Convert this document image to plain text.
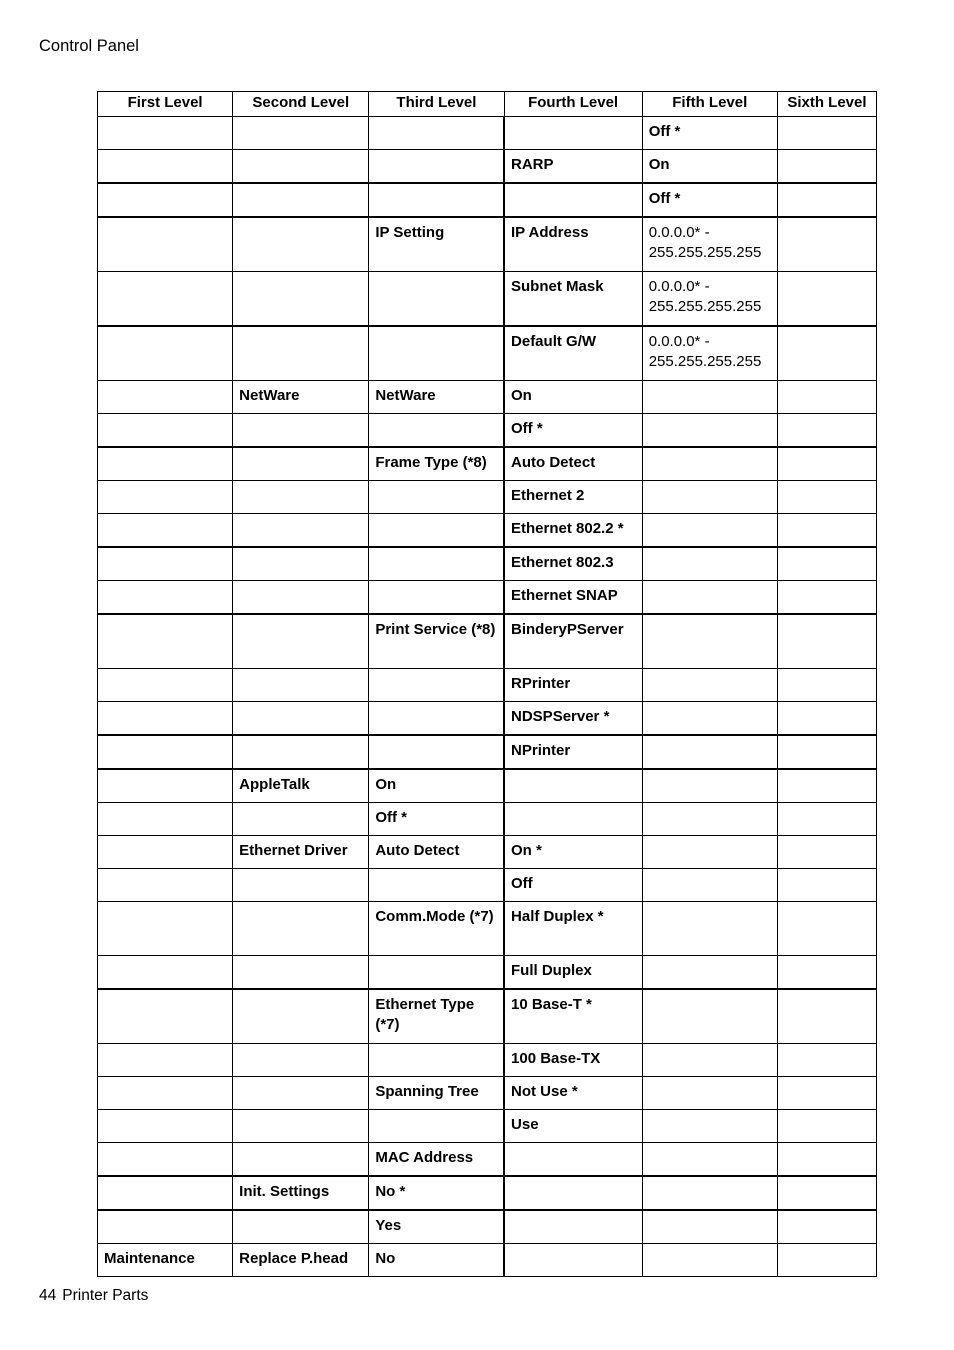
Control Panel
First Level	Second Level	Third Level	Fourth Level	Fifth Level	Sixth Level
				Off *	
			RARP	On	
				Off *	
		IP Setting	IP Address	0.0.0.0* - 255.255.255.255	
			Subnet Mask	0.0.0.0* - 255.255.255.255	
			Default G/W	0.0.0.0* - 255.255.255.255	
	NetWare	NetWare	On		
			Off *		
		Frame Type (*8)	Auto Detect		
			Ethernet 2		
			Ethernet 802.2 *		
			Ethernet 802.3		
			Ethernet SNAP		
		Print Service (*8)	BinderyPServer		
			RPrinter		
			NDSPServer *		
			NPrinter		
	AppleTalk	On			
		Off *			
	Ethernet Driver	Auto Detect	On *		
			Off		
		Comm.Mode (*7)	Half Duplex *		
			Full Duplex		
		Ethernet Type (*7)	10 Base-T *		
			100 Base-TX		
		Spanning Tree	Not Use *		
			Use		
		MAC Address			
	Init. Settings	No *			
		Yes			
Maintenance	Replace P.head	No			
44 Printer Parts
